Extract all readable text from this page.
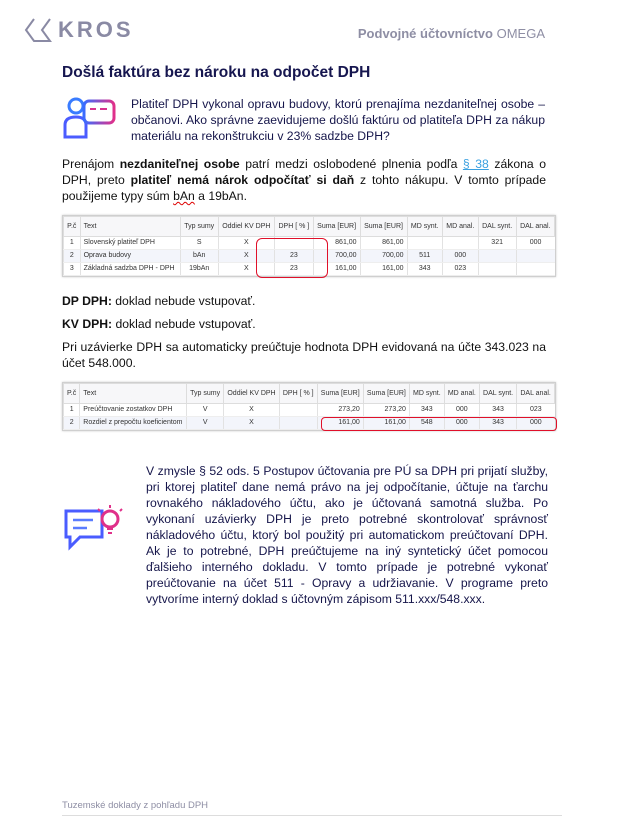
KROS	Podvojné účtovníctvo OMEGA
Došlá faktúra bez nároku na odpočet DPH
Platiteľ DPH vykonal opravu budovy, ktorú prenajíma nezdaniteľnej osobe – občanovi. Ako správne zaevidujeme došlú faktúru od platiteľa DPH za nákup materiálu na rekonštrukciu v 23% sadzbe DPH?
Prenájom nezdaniteľnej osobe patrí medzi oslobodené plnenia podľa § 38 zákona o DPH, preto platiteľ nemá nárok odpočítať si daň z tohto nákupu. V tomto prípade použijeme typy súm bAn a 19bAn.
P.č	Text	Typ sumy	Oddiel KV DPH	DPH [ % ]	Suma [EUR]	Suma [EUR]	MD synt.	MD anal.	DAL synt.	DAL anal.
1	Slovenský platiteľ DPH	S	X		861,00	861,00			321	000
2	Oprava budovy	bAn	X	23	700,00	700,00	511	000		
3	Základná sadzba DPH - DPH	19bAn	X	23	161,00	161,00	343	023		
DP DPH: doklad nebude vstupovať.
KV DPH: doklad nebude vstupovať.
Pri uzávierke DPH sa automaticky preúčtuje hodnota DPH evidovaná na účte 343.023 na účet 548.000.
P.č	Text	Typ sumy	Oddiel KV DPH	DPH [ % ]	Suma [EUR]	Suma [EUR]	MD synt.	MD anal.	DAL synt.	DAL anal.
1	Preúčtovanie zostatkov DPH	V	X		273,20	273,20	343	000	343	023
2	Rozdiel z prepočtu koeficientom	V	X		161,00	161,00	548	000	343	000
V zmysle § 52 ods. 5 Postupov účtovania pre PÚ sa DPH pri prijatí služby, pri ktorej platiteľ dane nemá právo na jej odpočítanie, účtuje na ťarchu rovnakého nákladového účtu, ako je účtovaná samotná služba. Po vykonaní uzávierky DPH je preto potrebné skontrolovať správnosť nákladového účtu, ktorý bol použitý pri automatickom preúčtovaní DPH. Ak je to potrebné, DPH preúčtujeme na iný syntetický účet pomocou ďalšieho interného dokladu. V tomto prípade je potrebné vykonať preúčtovanie na účet 511 - Opravy a udržiavanie. V programe preto vytvoríme interný doklad s účtovným zápisom 511.xxx/548.xxx.
Tuzemské doklady z pohľadu DPH
